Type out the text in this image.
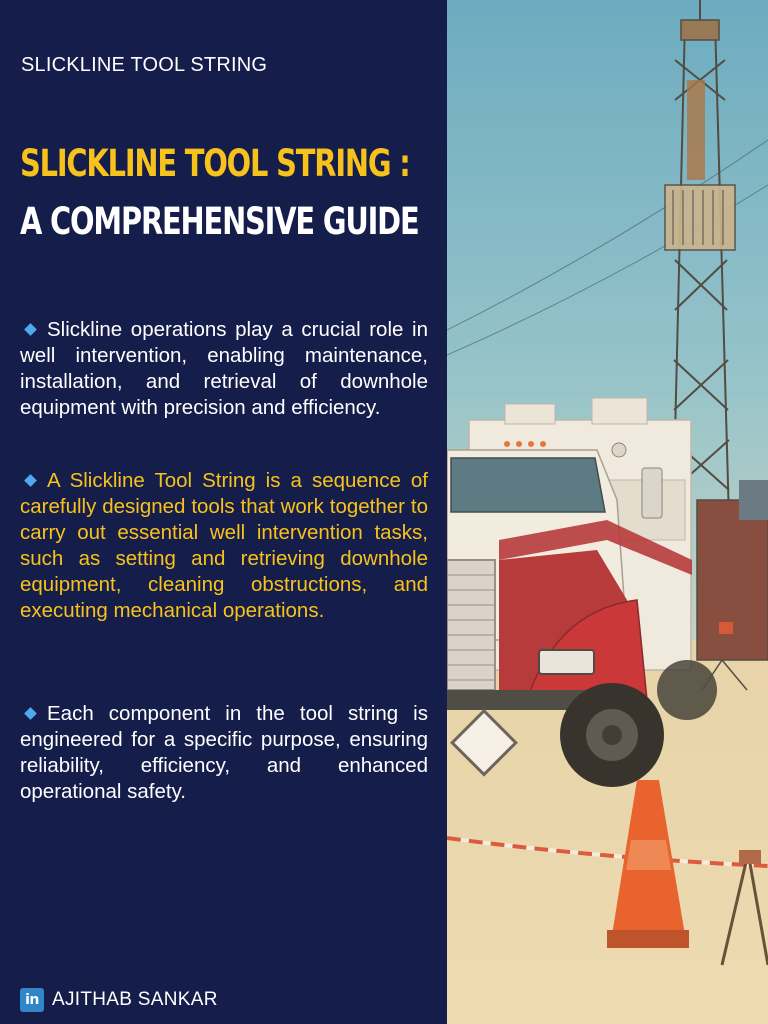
SLICKLINE TOOL STRING
SLICKLINE TOOL STRING :
A COMPREHENSIVE GUIDE

Slickline operations play a crucial role in well intervention, enabling maintenance, installation, and retrieval of downhole equipment with precision and efficiency.

A Slickline Tool String is a sequence of carefully designed tools that work together to carry out essential well intervention tasks, such as setting and retrieving downhole equipment, cleaning obstructions, and executing mechanical operations.

Each component in the tool string is engineered for a specific purpose, ensuring reliability, efficiency, and enhanced operational safety.

in AJITHAB SANKAR
